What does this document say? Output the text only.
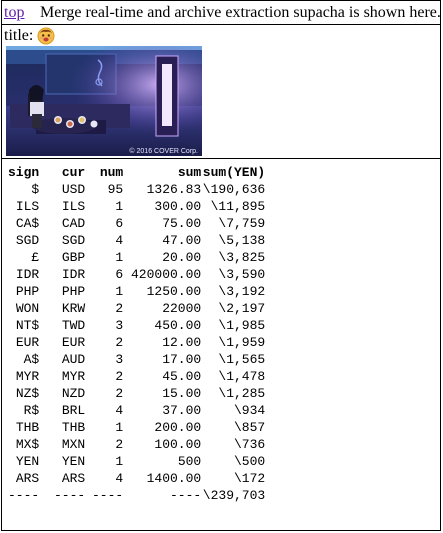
top Merge real-time and archive extraction supacha is shown here.
title:
© 2016 COVER Corp.
sign	cur	num	sum	sum(YEN)
$	USD	95	1326.83	\190,636
ILS	ILS	1	300.00	\11,895
CA$	CAD	6	75.00	\7,759
SGD	SGD	4	47.00	\5,138
£	GBP	1	20.00	\3,825
IDR	IDR	6	420000.00	\3,590
PHP	PHP	1	1250.00	\3,192
WON	KRW	2	22000	\2,197
NT$	TWD	3	450.00	\1,985
EUR	EUR	2	12.00	\1,959
A$	AUD	3	17.00	\1,565
MYR	MYR	2	45.00	\1,478
NZ$	NZD	2	15.00	\1,285
R$	BRL	4	37.00	\934
THB	THB	1	200.00	\857
MX$	MXN	2	100.00	\736
YEN	YEN	1	500	\500
ARS	ARS	4	1400.00	\172
----	----	----	----	\239,703
